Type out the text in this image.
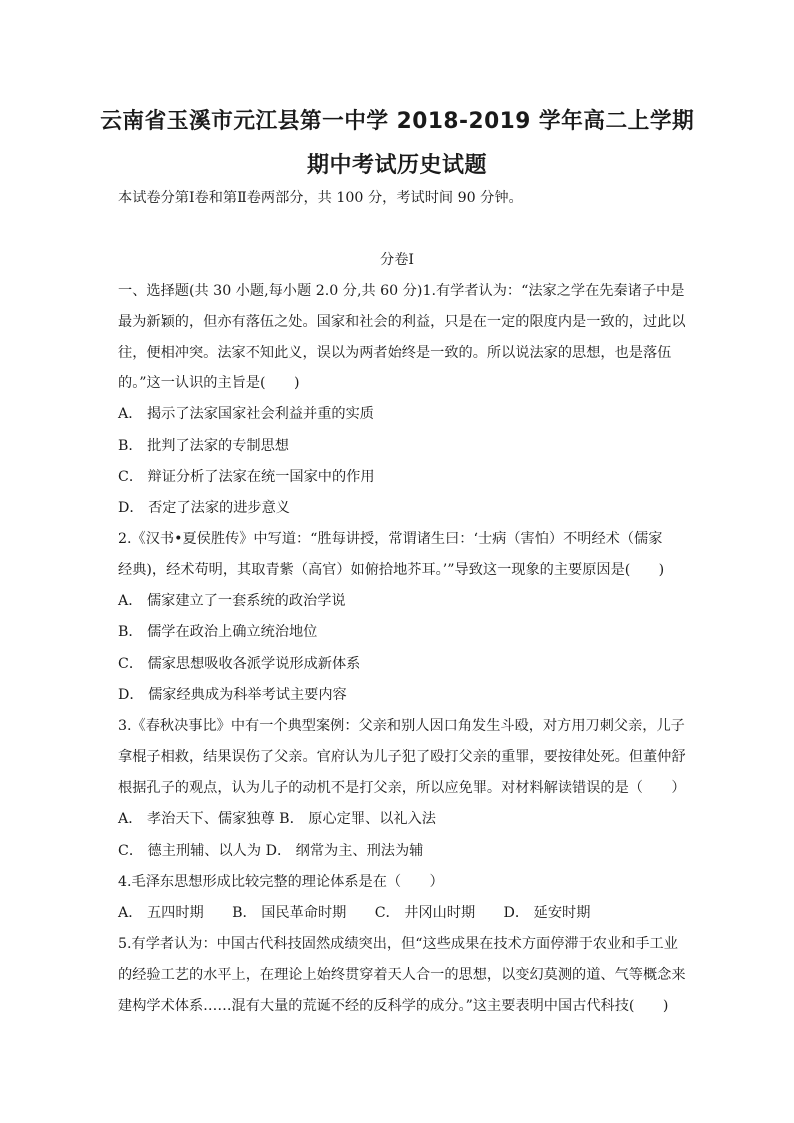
云南省玉溪市元江县第一中学 2018-2019 学年高二上学期
期中考试历史试题
本试卷分第Ⅰ卷和第Ⅱ卷两部分，共 100 分，考试时间 90 分钟。
分卷Ⅰ
一、选择题(共 30 小题,每小题 2.0 分,共 60 分)1.有学者认为：“法家之学在先秦诸子中是
最为新颖的，但亦有落伍之处。国家和社会的利益，只是在一定的限度内是一致的，过此以
往，便相冲突。法家不知此义，误以为两者始终是一致的。所以说法家的思想，也是落伍
的。”这一认识的主旨是(　　)
A． 揭示了法家国家社会利益并重的实质
B． 批判了法家的专制思想
C． 辩证分析了法家在统一国家中的作用
D． 否定了法家的进步意义
2.《汉书•夏侯胜传》中写道：“胜每讲授，常谓诸生曰：‘士病（害怕）不明经术（儒家
经典)，经术苟明，其取青紫（高官）如俯拾地芥耳。’”导致这一现象的主要原因是(　　)
A． 儒家建立了一套系统的政治学说
B． 儒学在政治上确立统治地位
C． 儒家思想吸收各派学说形成新体系
D． 儒家经典成为科举考试主要内容
3.《春秋决事比》中有一个典型案例：父亲和别人因口角发生斗殴，对方用刀刺父亲，儿子
拿棍子相救，结果误伤了父亲。官府认为儿子犯了殴打父亲的重罪，要按律处死。但董仲舒
根据孔子的观点，认为儿子的动机不是打父亲，所以应免罪。对材料解读错误的是（　　）
A． 孝治天下、儒家独尊 B． 原心定罪、以礼入法
C． 德主刑辅、以人为 D． 纲常为主、刑法为辅
4.毛泽东思想形成比较完整的理论体系是在（　　）
A． 五四时期　　B． 国民革命时期　　C． 井冈山时期　　D． 延安时期
5.有学者认为：中国古代科技固然成绩突出，但“这些成果在技术方面停滞于农业和手工业
的经验工艺的水平上，在理论上始终贯穿着天人合一的思想，以变幻莫测的道、气等概念来
建构学术体系……混有大量的荒诞不经的反科学的成分。”这主要表明中国古代科技(　　)
